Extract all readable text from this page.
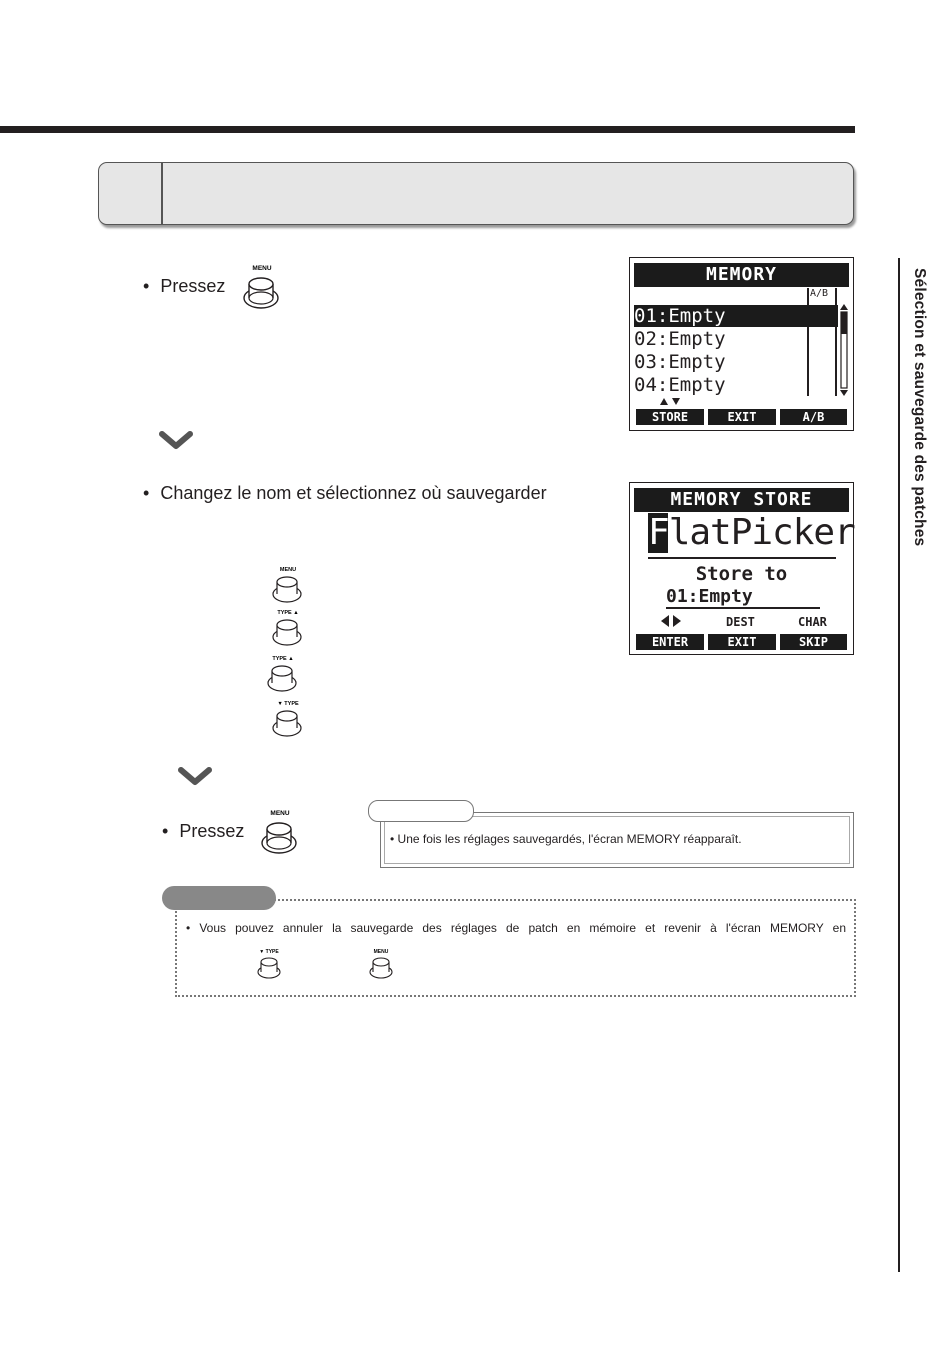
Sélection et sauvegarde des patches
• Pressez
MENU	MEMORY
A/B
01:Empty
02:Empty
03:Empty
04:Empty
STORE	EXIT	A/B
• Changez le nom et sélectionnez où sauvegarder
MENU
TYPE ▲
TYPE ▲
▼ TYPE
MEMORY STORE
FlatPicker
Store to
01:Empty
DEST	CHAR
ENTER	EXIT	SKIP
• Pressez
MENU
• Une fois les réglages sauvegardés, l'écran MEMORY réapparaît.
• Vous pouvez annuler la sauvegarde des réglages de patch en mémoire et revenir à l'écran MEMORY en
▼ TYPE	MENU
